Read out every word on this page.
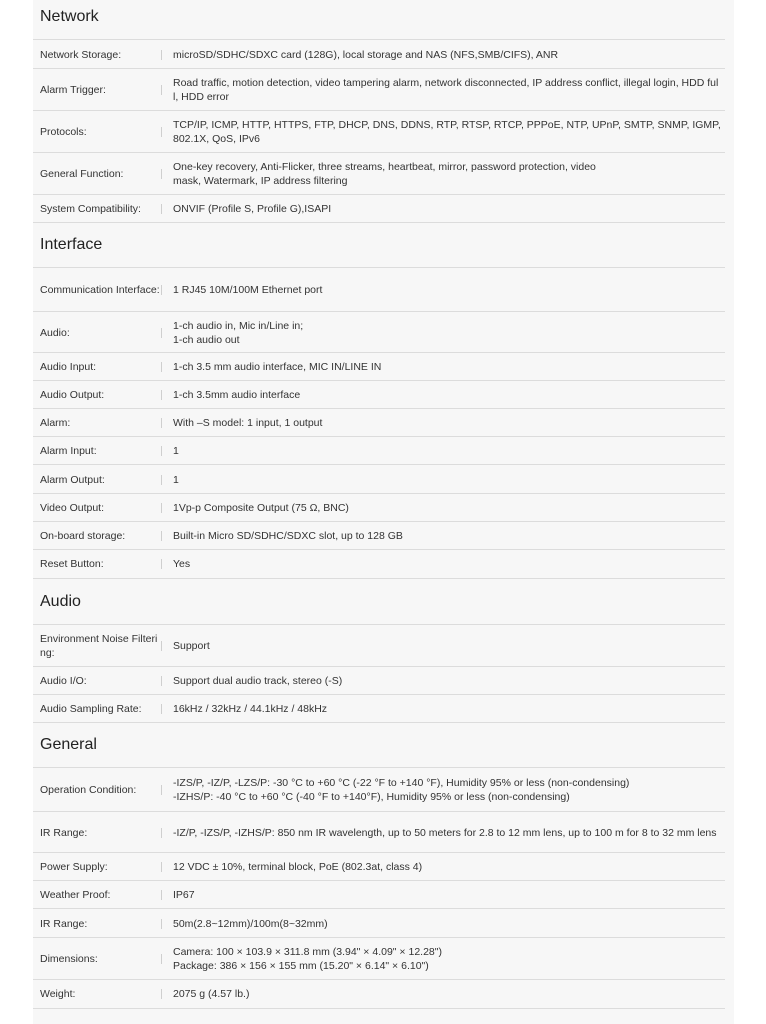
Network
Network Storage:	microSD/SDHC/SDXC card (128G), local storage and NAS (NFS,SMB/CIFS), ANR
Alarm Trigger:
Road traffic, motion detection, video tampering alarm, network disconnected, IP address conflict, illegal login, HDD full, HDD error
Protocols:
TCP/IP, ICMP, HTTP, HTTPS, FTP, DHCP, DNS, DDNS, RTP, RTSP, RTCP, PPPoE, NTP, UPnP, SMTP, SNMP, IGMP, 802.1X, QoS, IPv6
General Function:
One-key recovery, Anti-Flicker, three streams, heartbeat, mirror, password protection, video
mask, Watermark, IP address filtering
System Compatibility:	ONVIF (Profile S, Profile G),ISAPI
Interface
Communication Interface: 1 RJ45 10M/100M Ethernet port
Audio:
1-ch audio in, Mic in/Line in;
1-ch audio out
Audio Input:	1-ch 3.5 mm audio interface, MIC IN/LINE IN
Audio Output:	1-ch 3.5mm audio interface
Alarm:	With –S model: 1 input, 1 output
Alarm Input:	1
Alarm Output:	1
Video Output:	1Vp-p Composite Output (75 Ω, BNC)
On-board storage:	Built-in Micro SD/SDHC/SDXC slot, up to 128 GB
Reset Button:	Yes
Audio
Environment Noise Filtering:
Support
Audio I/O:	Support dual audio track, stereo (-S)
Audio Sampling Rate:	16kHz / 32kHz / 44.1kHz / 48kHz
General
Operation Condition:
-IZS/P, -IZ/P, -LZS/P: -30 °C to +60 °C (-22 °F to +140 °F), Humidity 95% or less (non-condensing)
-IZHS/P: -40 °C to +60 °C (-40 °F to +140°F), Humidity 95% or less (non-condensing)
IR Range:	-IZ/P, -IZS/P, -IZHS/P: 850 nm IR wavelength, up to 50 meters for 2.8 to 12 mm lens, up to 100 m for 8 to 32 mm lens
Power Supply:	12 VDC ± 10%, terminal block, PoE (802.3at, class 4)
Weather Proof:	IP67
IR Range:	50m(2.8~12mm)/100m(8~32mm)
Dimensions:
Camera: 100 × 103.9 × 311.8 mm (3.94" × 4.09" × 12.28")
Package: 386 × 156 × 155 mm (15.20" × 6.14" × 6.10")
Weight:	2075 g (4.57 lb.)
